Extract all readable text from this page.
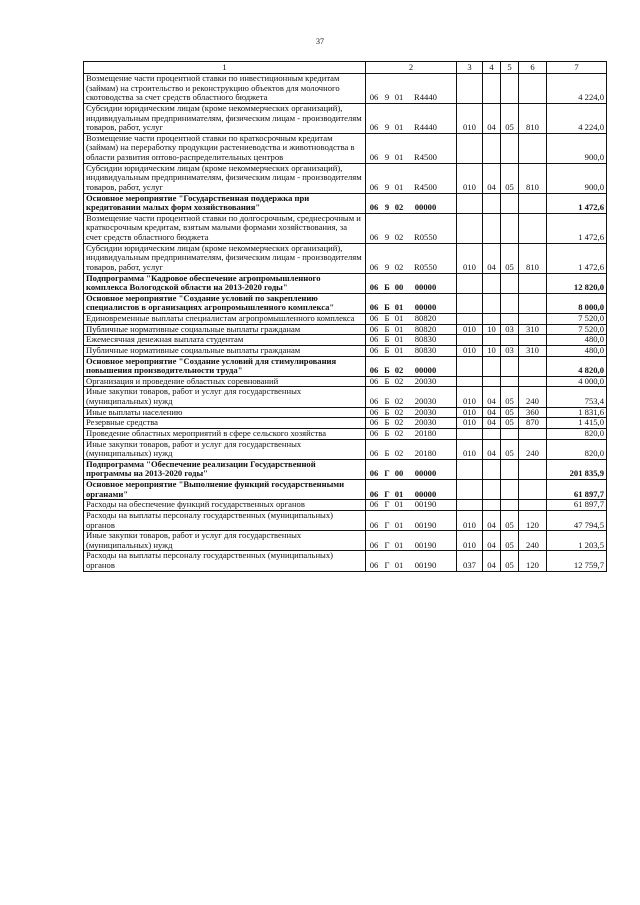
37
1	2	3	4	5	6	7
Возмещение части процентной ставки по инвестиционным кредитам (займам) на строительство и реконструкцию объектов для молочного скотоводства за счет средств областного бюджета	06 9 01 R4440					4 224,0
Субсидии юридическим лицам (кроме некоммерческих организаций), индивидуальным предпринимателям, физическим лицам - производителям товаров, работ, услуг	06 9 01 R4440	010	04	05	810	4 224,0
Возмещение части процентной ставки по краткосрочным кредитам (займам) на переработку продукции растениеводства и животноводства в области развития оптово-распределительных центров	06 9 01 R4500					900,0
Субсидии юридическим лицам (кроме некоммерческих организаций), индивидуальным предпринимателям, физическим лицам - производителям товаров, работ, услуг	06 9 01 R4500	010	04	05	810	900,0
Основное мероприятие "Государственная поддержка при кредитовании малых форм хозяйствования"	06 9 02 00000					1 472,6
Возмещение части процентной ставки по долгосрочным, среднесрочным и краткосрочным кредитам, взятым малыми формами хозяйствования, за счет средств областного бюджета	06 9 02 R0550					1 472,6
Субсидии юридическим лицам (кроме некоммерческих организаций), индивидуальным предпринимателям, физическим лицам - производителям товаров, работ, услуг	06 9 02 R0550	010	04	05	810	1 472,6
Подпрограмма "Кадровое обеспечение агропромышленного комплекса Вологодской области на 2013-2020 годы"	06 Б 00 00000					12 820,0
Основное мероприятие "Создание условий по закреплению специалистов в организациях агропромышленного комплекса"	06 Б 01 00000					8 000,0
Единовременные выплаты специалистам агропромышленного комплекса	06 Б 01 80820					7 520,0
Публичные нормативные социальные выплаты гражданам	06 Б 01 80820	010	10	03	310	7 520,0
Ежемесячная денежная выплата студентам	06 Б 01 80830					480,0
Публичные нормативные социальные выплаты гражданам	06 Б 01 80830	010	10	03	310	480,0
Основное мероприятие "Создание условий для стимулирования повышения производительности труда"	06 Б 02 00000					4 820,0
Организация и проведение областных соревнований	06 Б 02 20030					4 000,0
Иные закупки товаров, работ и услуг для государственных (муниципальных) нужд	06 Б 02 20030	010	04	05	240	753,4
Иные выплаты населению	06 Б 02 20030	010	04	05	360	1 831,6
Резервные средства	06 Б 02 20030	010	04	05	870	1 415,0
Проведение областных мероприятий в сфере сельского хозяйства	06 Б 02 20180					820,0
Иные закупки товаров, работ и услуг для государственных (муниципальных) нужд	06 Б 02 20180	010	04	05	240	820,0
Подпрограмма "Обеспечение реализации Государственной программы на 2013-2020 годы"	06 Г 00 00000					201 835,9
Основное мероприятие "Выполнение функций государственными органами"	06 Г 01 00000					61 897,7
Расходы на обеспечение функций государственных органов	06 Г 01 00190					61 897,7
Расходы на выплаты персоналу государственных (муниципальных) органов	06 Г 01 00190	010	04	05	120	47 794,5
Иные закупки товаров, работ и услуг для государственных (муниципальных) нужд	06 Г 01 00190	010	04	05	240	1 203,5
Расходы на выплаты персоналу государственных (муниципальных) органов	06 Г 01 00190	037	04	05	120	12 759,7
